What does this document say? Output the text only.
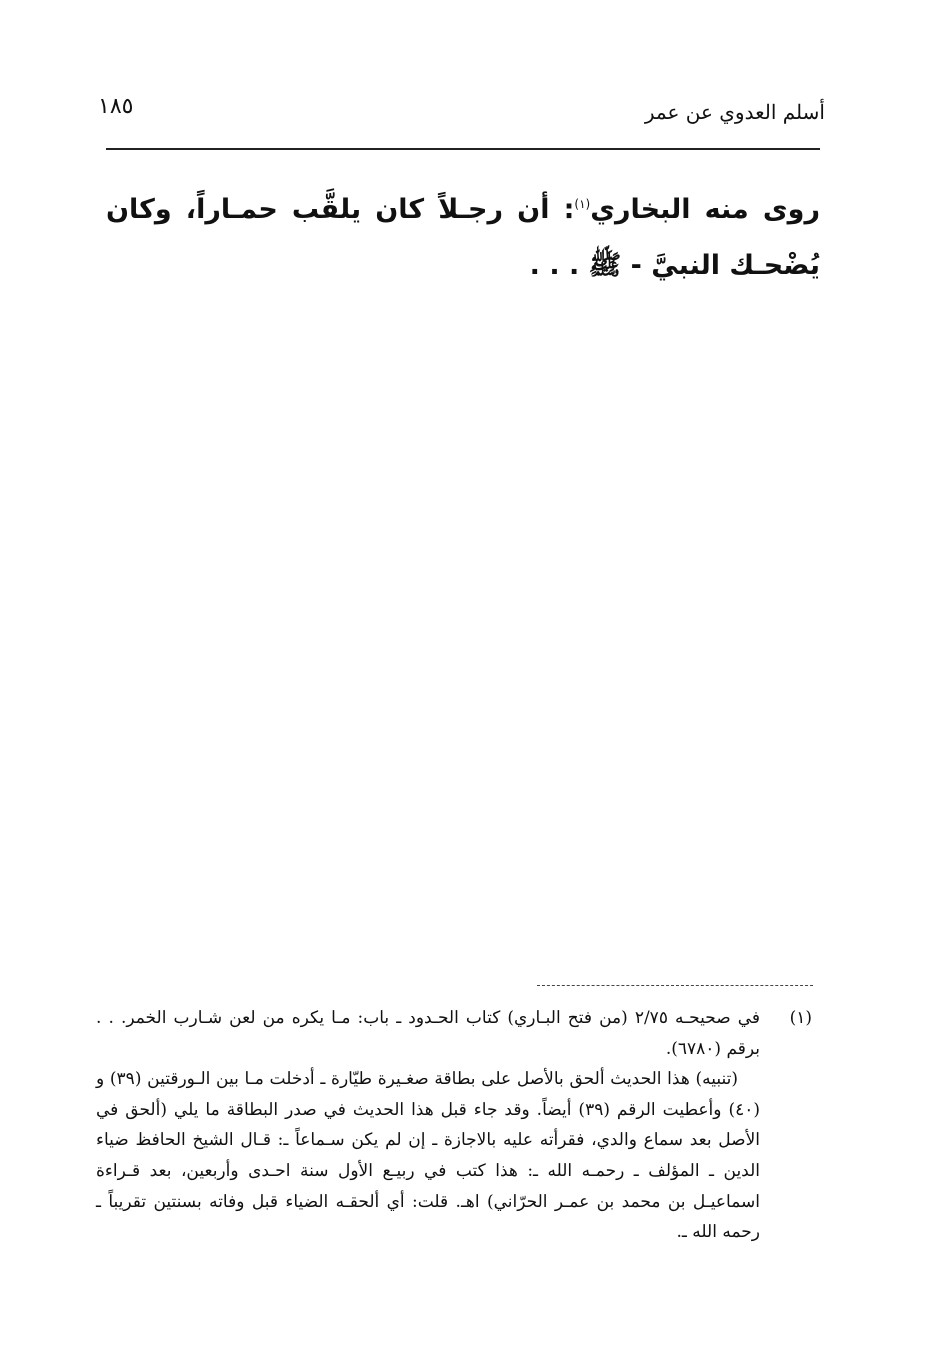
١٨٥	أسلم العدوي عن عمر
روى منه البخاري$^{(١)}$: أن رجـلاً كان يلقَّب حمـاراً، وكان يُضْحـك النبيَّ - ﷺ . . .
(١)

في صحيحـه ٢/٧٥ (من فتح البـاري) كتاب الحـدود ـ باب: مـا يكره من لعن شـارب الخمر. . . برقم (٦٧٨٠).

(تنبيه) هذا الحديث ألحق بالأصل على بطاقة صغـيرة طيّارة ـ أدخلت مـا بين الـورقتين (٣٩) و (٤٠) وأعطيت الرقم (٣٩) أيضاً. وقد جاء قبل هذا الحديث في صدر البطاقة ما يلي (ألحق في الأصل بعد سماع والدي، فقرأته عليه بالاجازة ـ إن لم يكن سـماعاً ـ: قـال الشيخ الحافظ ضياء الدين ـ المؤلف ـ رحمـه الله ـ: هذا كتب في ربيـع الأول سنة احـدى وأربعين، بعد قـراءة اسماعيـل بن محمد بن عمـر الحرّاني) اهـ. قلت: أي ألحقـه الضياء قبل وفاته بسنتين تقريباً ـ رحمه الله ـ.
